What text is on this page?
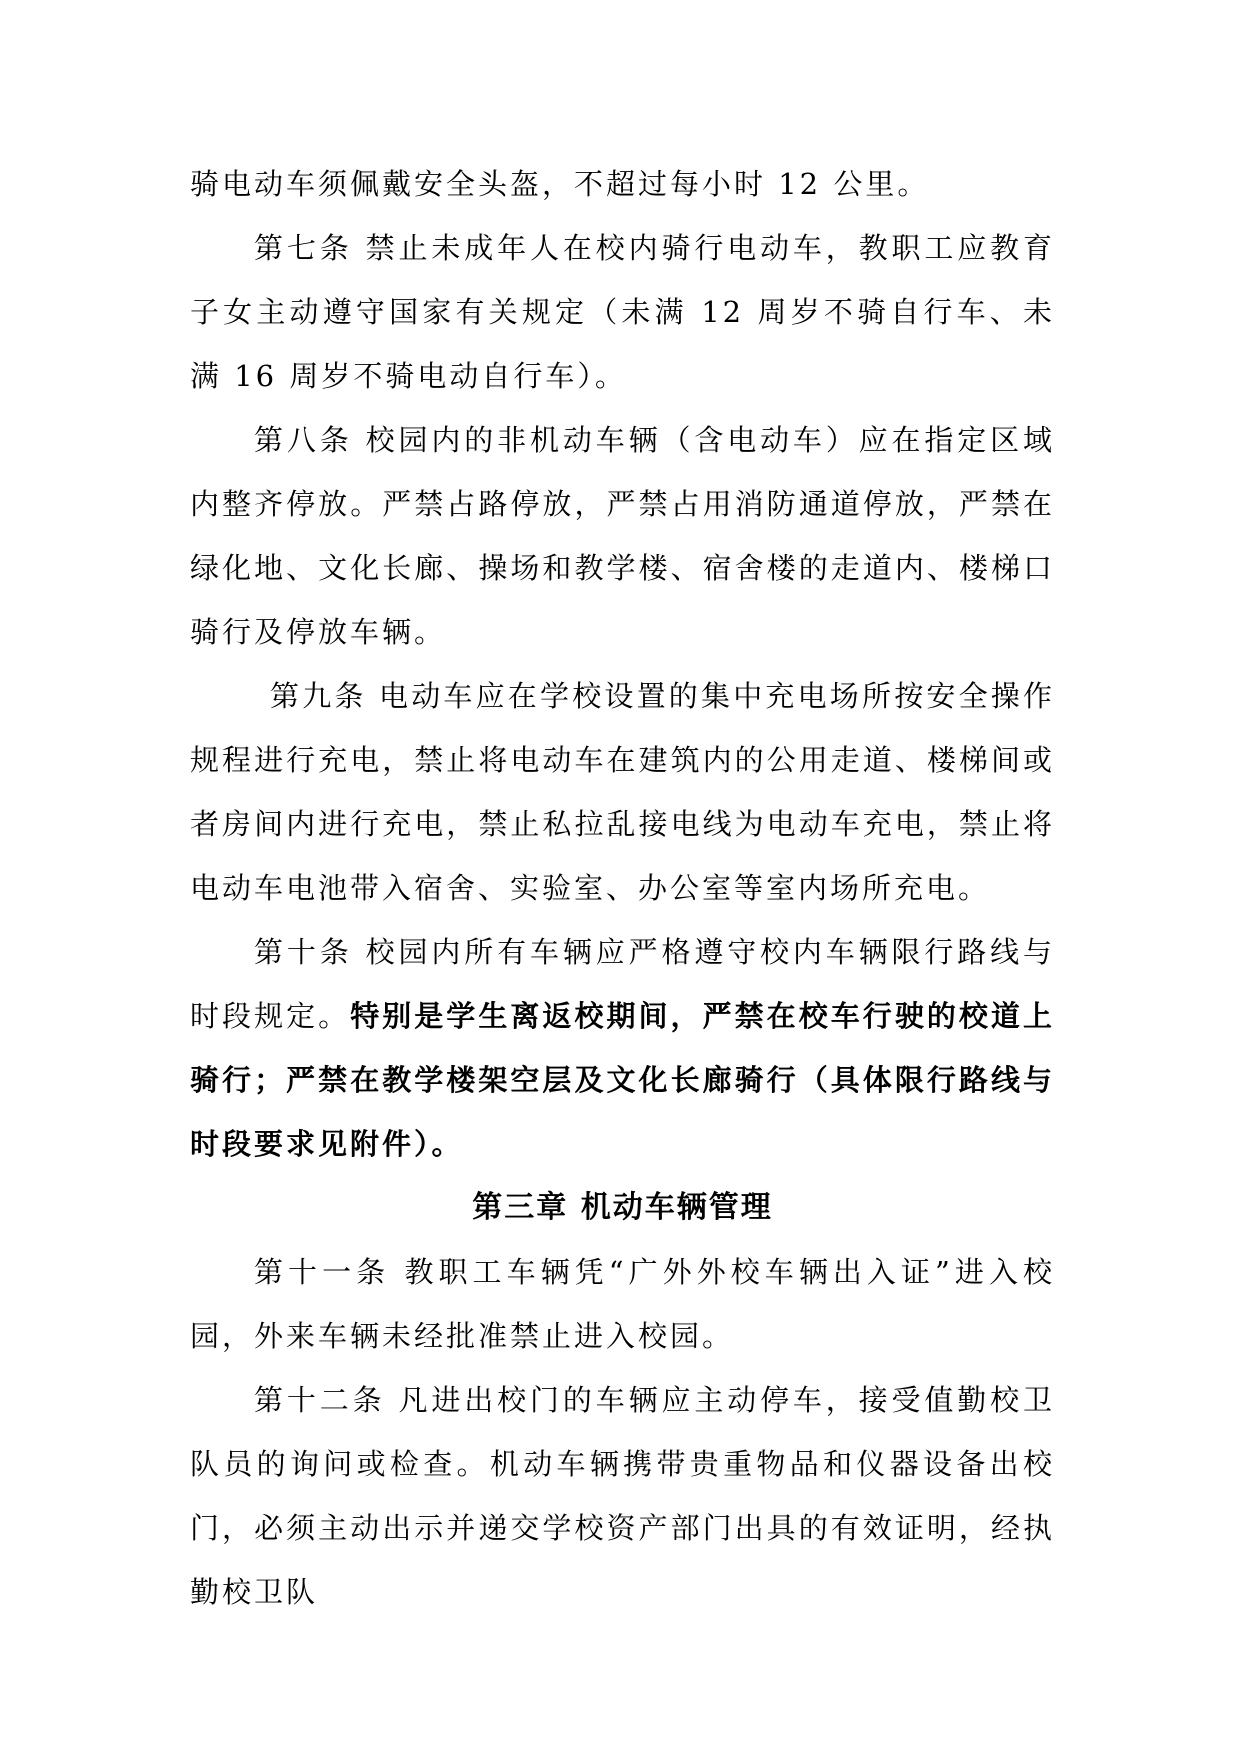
骑电动车须佩戴安全头盔，不超过每小时 12 公里。

第七条 禁止未成年人在校内骑行电动车，教职工应教育子女主动遵守国家有关规定（未满 12 周岁不骑自行车、未满 16 周岁不骑电动自行车）。

第八条 校园内的非机动车辆（含电动车）应在指定区域内整齐停放。严禁占路停放，严禁占用消防通道停放，严禁在绿化地、文化长廊、操场和教学楼、宿舍楼的走道内、楼梯口骑行及停放车辆。

第九条 电动车应在学校设置的集中充电场所按安全操作规程进行充电，禁止将电动车在建筑内的公用走道、楼梯间或者房间内进行充电，禁止私拉乱接电线为电动车充电，禁止将电动车电池带入宿舍、实验室、办公室等室内场所充电。

第十条 校园内所有车辆应严格遵守校内车辆限行路线与时段规定。特别是学生离返校期间，严禁在校车行驶的校道上骑行；严禁在教学楼架空层及文化长廊骑行（具体限行路线与时段要求见附件）。

第三章 机动车辆管理

第十一条 教职工车辆凭“广外外校车辆出入证”进入校园，外来车辆未经批准禁止进入校园。

第十二条 凡进出校门的车辆应主动停车，接受值勤校卫队员的询问或检查。机动车辆携带贵重物品和仪器设备出校门，必须主动出示并递交学校资产部门出具的有效证明，经执勤校卫队
